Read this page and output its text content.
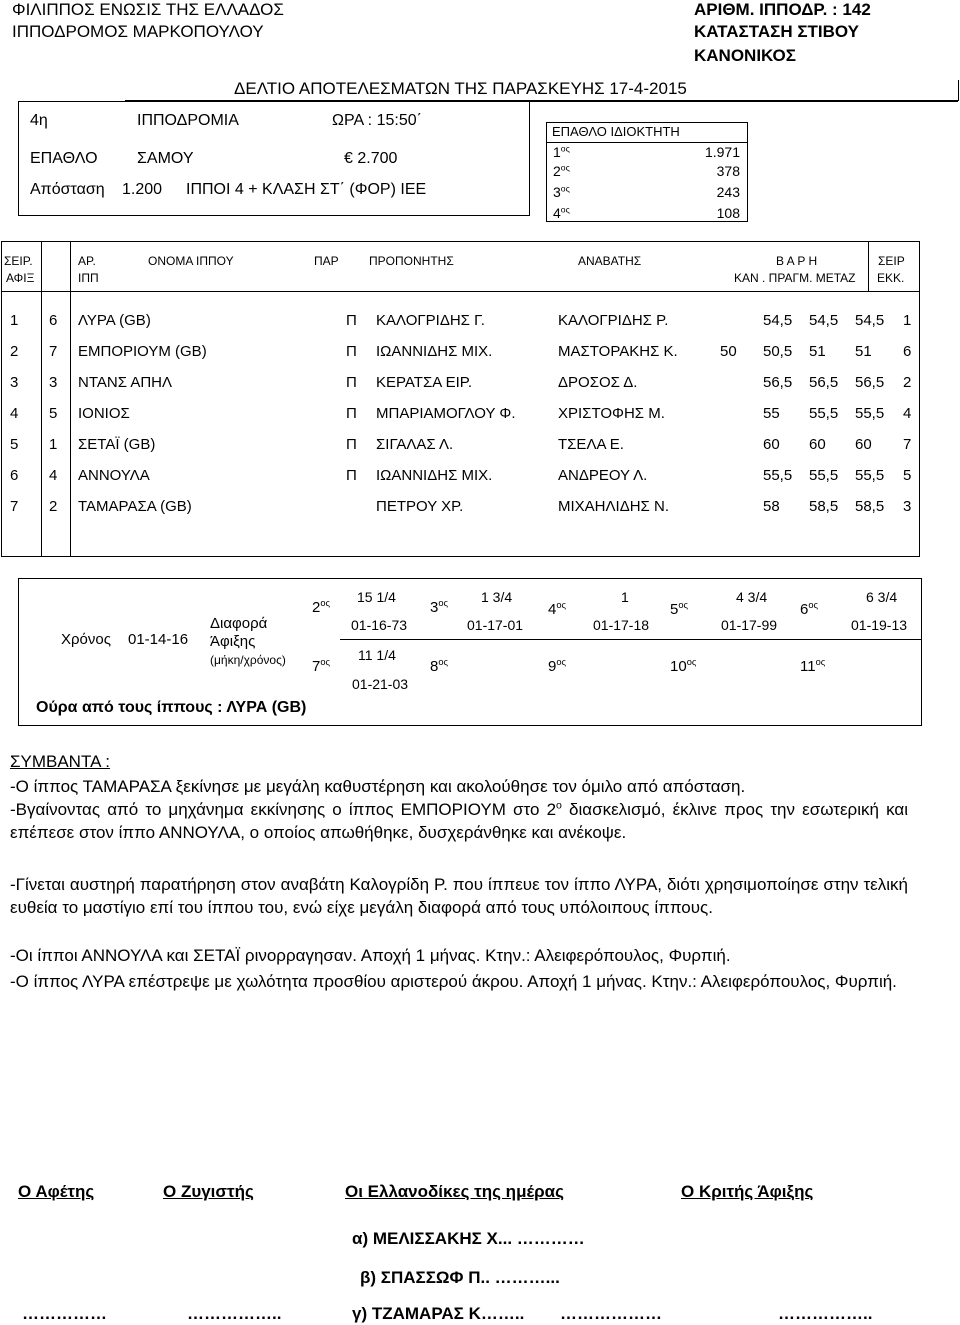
ΦΙΛΙΠΠΟΣ ΕΝΩΣΙΣ ΤΗΣ ΕΛΛΑΔΟΣ
ΙΠΠΟΔΡΟΜΟΣ ΜΑΡΚΟΠΟΥΛΟΥ
ΑΡΙΘΜ. ΙΠΠΟΔΡ. : 142
ΚΑΤΑΣΤΑΣΗ ΣΤΙΒΟΥ
ΚΑΝΟΝΙΚΟΣ
ΔΕΛΤΙΟ ΑΠΟΤΕΛΕΣΜΑΤΩΝ ΤΗΣ ΠΑΡΑΣΚΕΥΗΣ 17-4-2015
4η	ΙΠΠΟΔΡΟΜΙΑ	ΩΡΑ : 15:50΄
ΕΠΑΘΛΟ ΣΑΜΟΥ	€ 2.700
Απόσταση 1.200 ΙΠΠΟΙ 4 + ΚΛΑΣΗ ΣΤ΄ (ΦΟΡ) ΙΕΕ
ΕΠΑΘΛΟ ΙΔΙΟΚΤΗΤΗ
$1^{o\varsigma}$	1.971
$2^{o\varsigma}$	378
$3^{o\varsigma}$	243
$4^{o\varsigma}$	108
ΣΕΙΡ.
ΑΦΙΞ
ΑΡ.
ΙΠΠ
ΟΝΟΜΑ ΙΠΠΟΥ	ΠΑΡ	ΠΡΟΠΟΝΗΤΗΣ	ΑΝΑΒΑΤΗΣ	Β Α Ρ Η
ΚΑΝ . ΠΡΑΓΜ. ΜΕΤΑΖ
ΣΕΙΡ
ΕΚΚ.
1 6 ΛΥΡΑ (GB)	Π ΚΑΛΟΓΡΙΔΗΣ Γ.	ΚΑΛΟΓΡΙΔΗΣ Ρ.	54,5 54,5 54,5 1
2 7 ΕΜΠΟΡΙΟΥΜ (GB)	Π ΙΩΑΝΝΙΔΗΣ ΜΙΧ.	ΜΑΣΤΟΡΑΚΗΣ Κ.	50 50,5 51 51 6
3 3 ΝΤΑΝΣ ΑΠΗΛ	Π ΚΕΡΑΤΣΑ ΕΙΡ.	ΔΡΟΣΟΣ Δ.	56,5 56,5 56,5 2
4 5 ΙΟΝΙΟΣ	Π ΜΠΑΡΙΑΜΟΓΛΟΥ Φ.	ΧΡΙΣΤΟΦΗΣ Μ.	55 55,5 55,5 4
5 1 ΣΕΤΑΪ (GB)	Π ΣΙΓΑΛΑΣ Λ.	ΤΣΕΛΑ Ε.	60 60 60 7
6 4 ΑΝΝΟΥΛΑ	Π ΙΩΑΝΝΙΔΗΣ ΜΙΧ.	ΑΝΔΡΕΟΥ Λ.	55,5 55,5 55,5 5
7 2 ΤΑΜΑΡΑΣΑ (GB)	ΠΕΤΡΟΥ ΧΡ.	ΜΙΧΑΗΛΙΔΗΣ Ν.	58 58,5 58,5 3
Χρόνος 01-14-16
Διαφορά
Άφιξης
(μήκη/χρόνος)
$2^{o\varsigma}$ 15 1/4
01-16-73
$3^{o\varsigma}$ 1 3/4
01-17-01
$4^{o\varsigma}$	1
01-17-18
$5^{o\varsigma}$	4 3/4
01-17-99
$6^{o\varsigma}$	6 3/4
01-19-13
$7^{o\varsigma}$ 11 1/4
01-21-03
$8^{o\varsigma}$	$9^{o\varsigma}$	$10^{o\varsigma}$	$11^{o\varsigma}$
Ούρα από τους ίππους : ΛΥΡΑ (GB)
ΣΥΜΒΑΝΤΑ :
-Ο ίππος ΤΑΜΑΡΑΣΑ ξεκίνησε με μεγάλη καθυστέρηση και ακολούθησε τον όμιλο από απόσταση.
-Βγαίνοντας από το μηχάνημα εκκίνησης ο ίππος ΕΜΠΟΡΙΟΥΜ στο $2^o$ διασκελισμό, έκλινε προς την εσωτερική και επέπεσε στον ίππο ΑΝΝΟΥΛΑ, ο οποίος απωθήθηκε, δυσχεράνθηκε και ανέκοψε.
-Γίνεται αυστηρή παρατήρηση στον αναβάτη Καλογρίδη Ρ. που ίππευε τον ίππο ΛΥΡΑ, διότι χρησιμοποίησε στην τελική ευθεία το μαστίγιο επί του ίππου του, ενώ είχε μεγάλη διαφορά από τους υπόλοιπους ίππους.
-Οι ίπποι ΑΝΝΟΥΛΑ και ΣΕΤΑΪ ρινορραγησαν. Αποχή 1 μήνας. Κτην.: Αλειφερόπουλος, Φυρπιή.
-Ο ίππος ΛΥΡΑ επέστρεψε με χωλότητα προσθίου αριστερού άκρου. Αποχή 1 μήνας. Κτην.: Αλειφερόπουλος, Φυρπιή.
Ο Αφέτης	Ο Ζυγιστής	Οι Ελλανοδίκες της ημέρας	Ο Κριτής Άφιξης
α) ΜΕΛΙΣΣΑΚΗΣ Χ... …………
β) ΣΠΑΣΣΩΦ Π.. ………...
……………	……………..	γ) ΤΖΑΜΑΡΑΣ Κ…….. ………………	……………..
